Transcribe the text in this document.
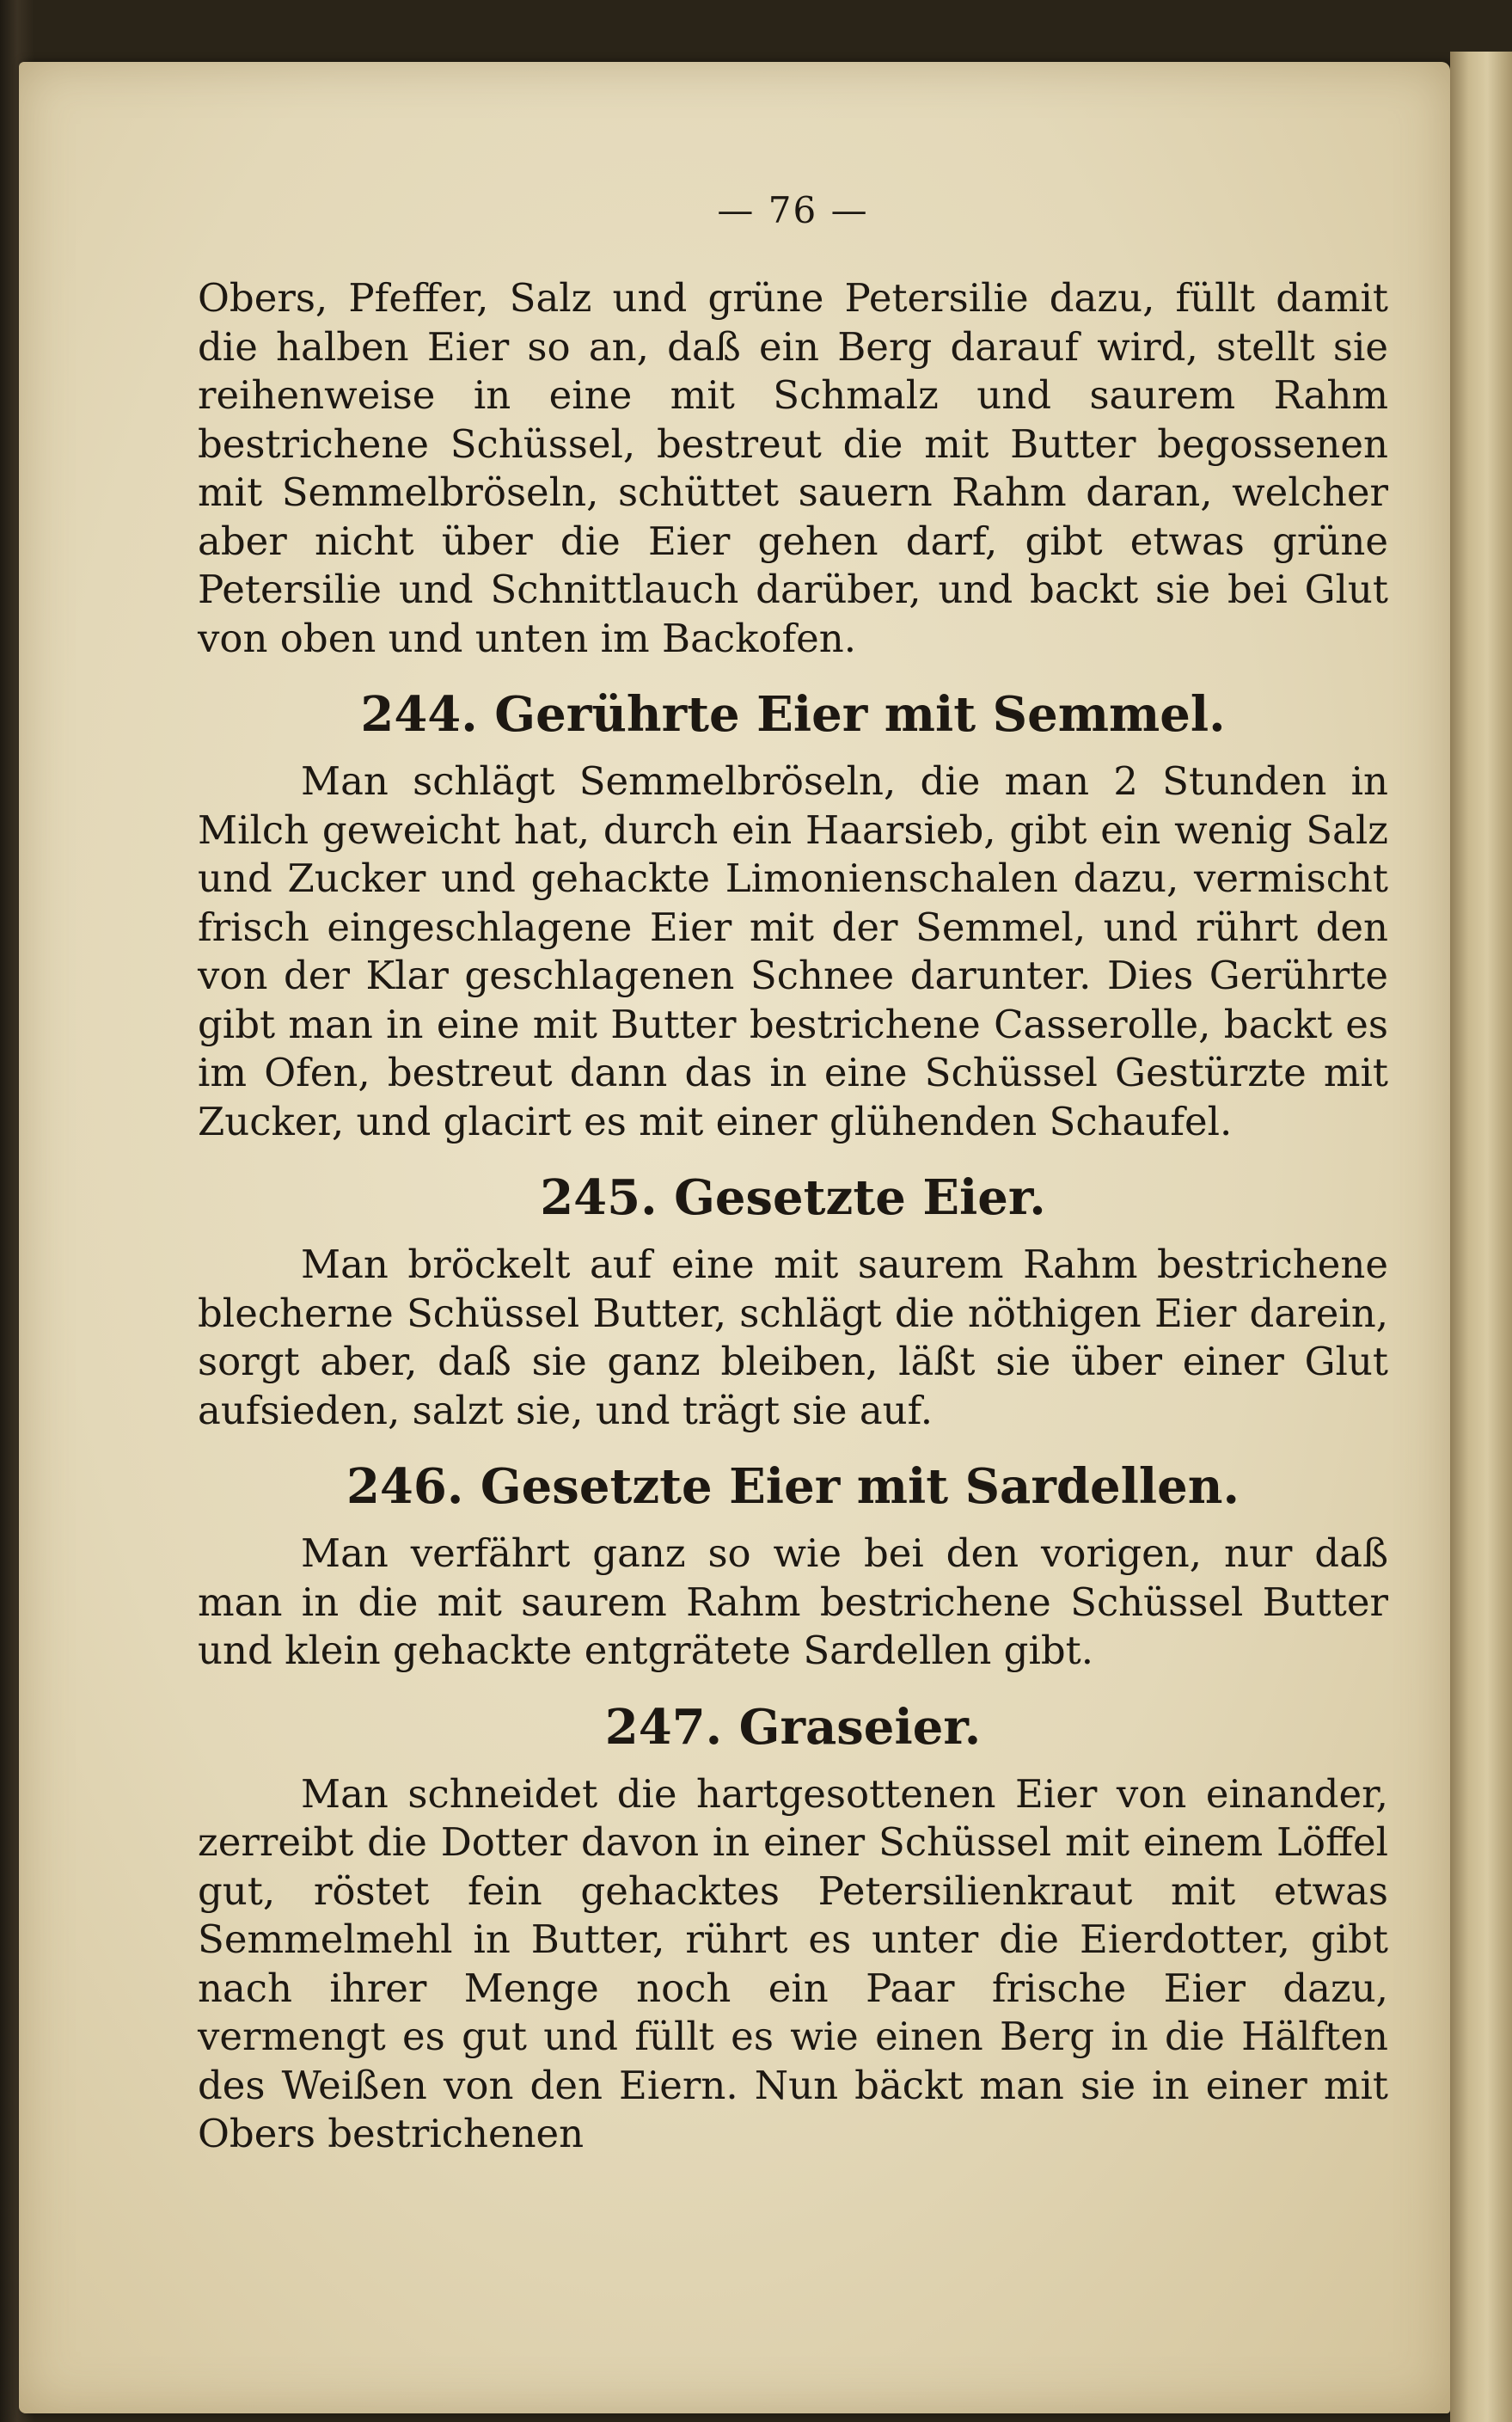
— 76 —

Obers, Pfeffer, Salz und grüne Petersilie dazu, füllt damit die halben Eier so an, daß ein Berg darauf wird, stellt sie reihenweise in eine mit Schmalz und saurem Rahm bestrichene Schüssel, bestreut die mit Butter begossenen mit Semmelbröseln, schüttet sauern Rahm daran, welcher aber nicht über die Eier gehen darf, gibt etwas grüne Petersilie und Schnittlauch darüber, und backt sie bei Glut von oben und unten im Backofen.

244. Gerührte Eier mit Semmel.

Man schlägt Semmelbröseln, die man 2 Stunden in Milch geweicht hat, durch ein Haarsieb, gibt ein wenig Salz und Zucker und gehackte Limonienschalen dazu, vermischt frisch eingeschlagene Eier mit der Semmel, und rührt den von der Klar geschlagenen Schnee darunter. Dies Gerührte gibt man in eine mit Butter bestrichene Casserolle, backt es im Ofen, bestreut dann das in eine Schüssel Gestürzte mit Zucker, und glacirt es mit einer glühenden Schaufel.

245. Gesetzte Eier.

Man bröckelt auf eine mit saurem Rahm bestrichene blecherne Schüssel Butter, schlägt die nöthigen Eier darein, sorgt aber, daß sie ganz bleiben, läßt sie über einer Glut aufsieden, salzt sie, und trägt sie auf.

246. Gesetzte Eier mit Sardellen.

Man verfährt ganz so wie bei den vorigen, nur daß man in die mit saurem Rahm bestrichene Schüssel Butter und klein gehackte entgrätete Sardellen gibt.

247. Graseier.

Man schneidet die hartgesottenen Eier von einander, zerreibt die Dotter davon in einer Schüssel mit einem Löffel gut, röstet fein gehacktes Petersilienkraut mit etwas Semmelmehl in Butter, rührt es unter die Eierdotter, gibt nach ihrer Menge noch ein Paar frische Eier dazu, vermengt es gut und füllt es wie einen Berg in die Hälften des Weißen von den Eiern. Nun bäckt man sie in einer mit Obers bestrichenen
